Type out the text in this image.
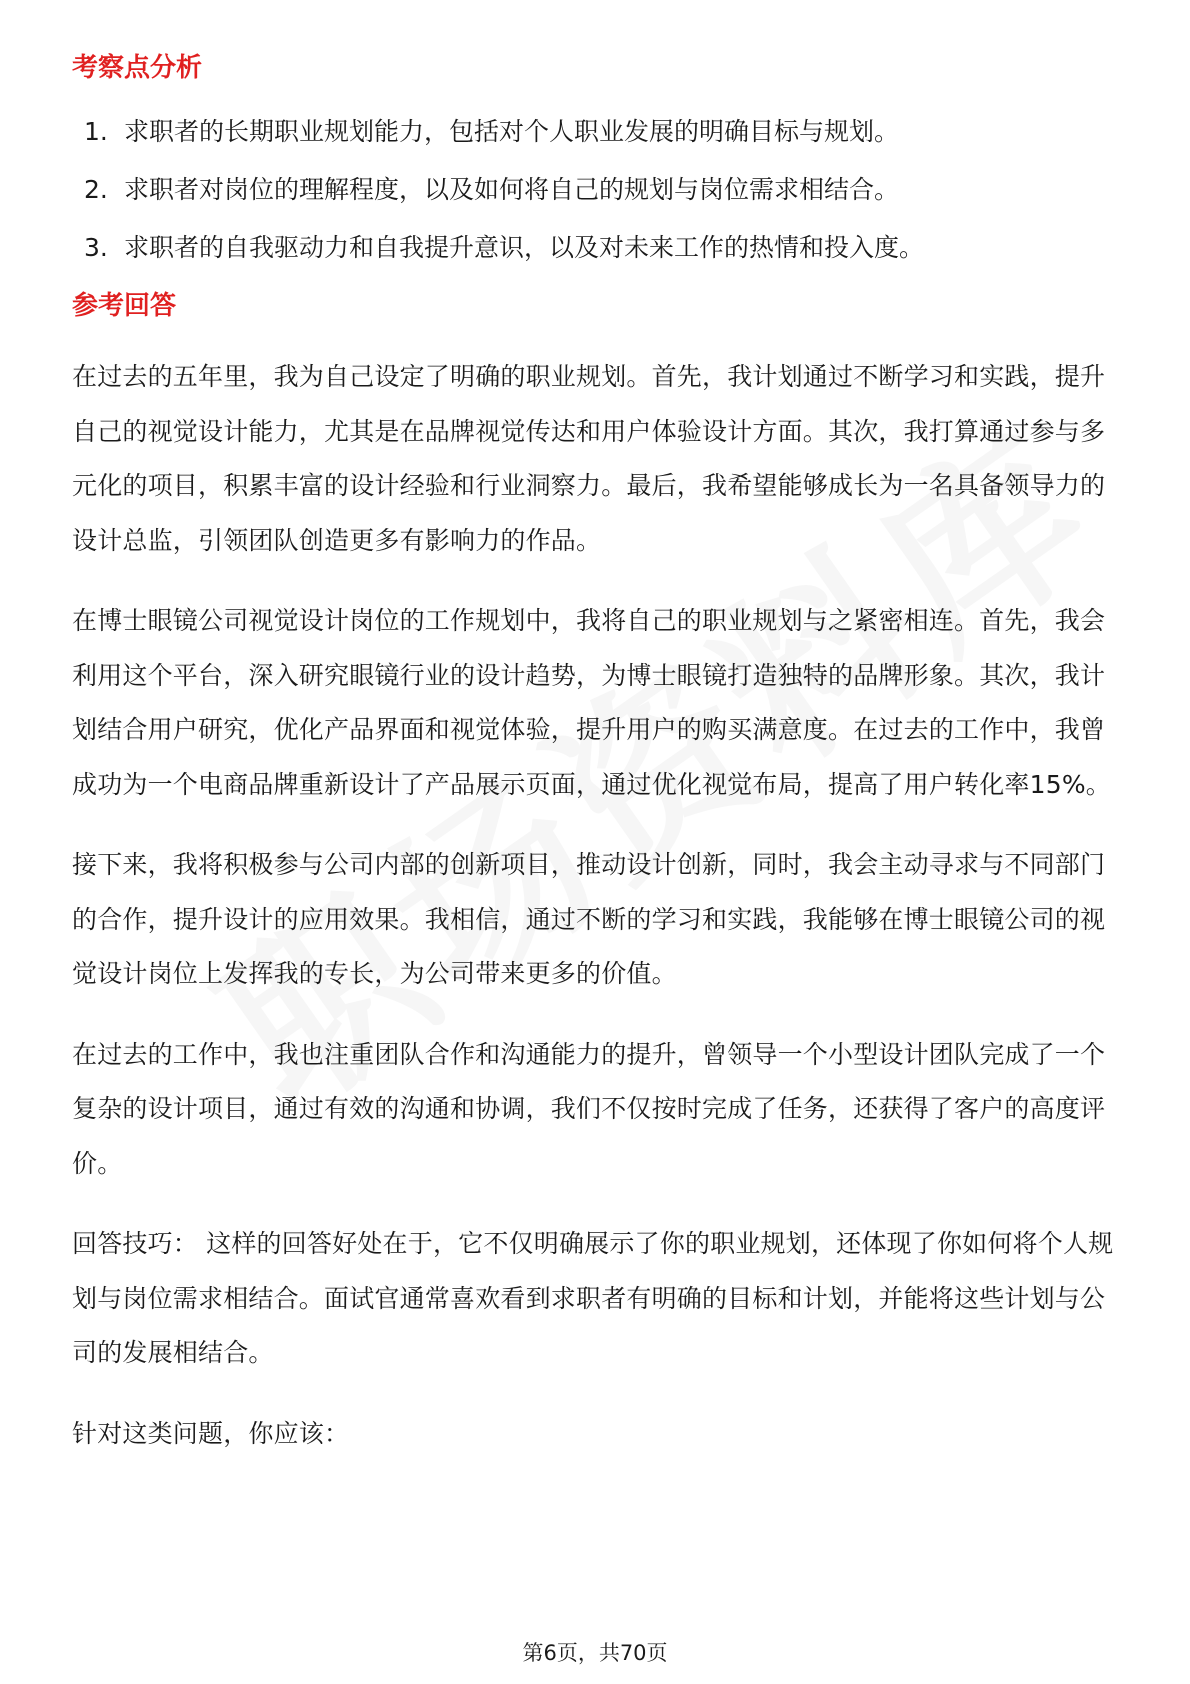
考察点分析
1. 求职者的长期职业规划能力，包括对个人职业发展的明确目标与规划。
2. 求职者对岗位的理解程度，以及如何将自己的规划与岗位需求相结合。
3. 求职者的自我驱动力和自我提升意识，以及对未来工作的热情和投入度。
参考回答

在过去的五年里，我为自己设定了明确的职业规划。首先，我计划通过不断学习和实践，提升自己的视觉设计能力，尤其是在品牌视觉传达和用户体验设计方面。其次，我打算通过参与多元化的项目，积累丰富的设计经验和行业洞察力。最后，我希望能够成长为一名具备领导力的设计总监，引领团队创造更多有影响力的作品。

在博士眼镜公司视觉设计岗位的工作规划中，我将自己的职业规划与之紧密相连。首先，我会利用这个平台，深入研究眼镜行业的设计趋势，为博士眼镜打造独特的品牌形象。其次，我计划结合用户研究，优化产品界面和视觉体验，提升用户的购买满意度。在过去的工作中，我曾成功为一个电商品牌重新设计了产品展示页面，通过优化视觉布局，提高了用户转化率15%。

接下来，我将积极参与公司内部的创新项目，推动设计创新，同时，我会主动寻求与不同部门的合作，提升设计的应用效果。我相信，通过不断的学习和实践，我能够在博士眼镜公司的视觉设计岗位上发挥我的专长，为公司带来更多的价值。

在过去的工作中，我也注重团队合作和沟通能力的提升，曾领导一个小型设计团队完成了一个复杂的设计项目，通过有效的沟通和协调，我们不仅按时完成了任务，还获得了客户的高度评价。

回答技巧： 这样的回答好处在于，它不仅明确展示了你的职业规划，还体现了你如何将个人规划与岗位需求相结合。面试官通常喜欢看到求职者有明确的目标和计划，并能将这些计划与公司的发展相结合。

针对这类问题，你应该：

第6页，共70页
